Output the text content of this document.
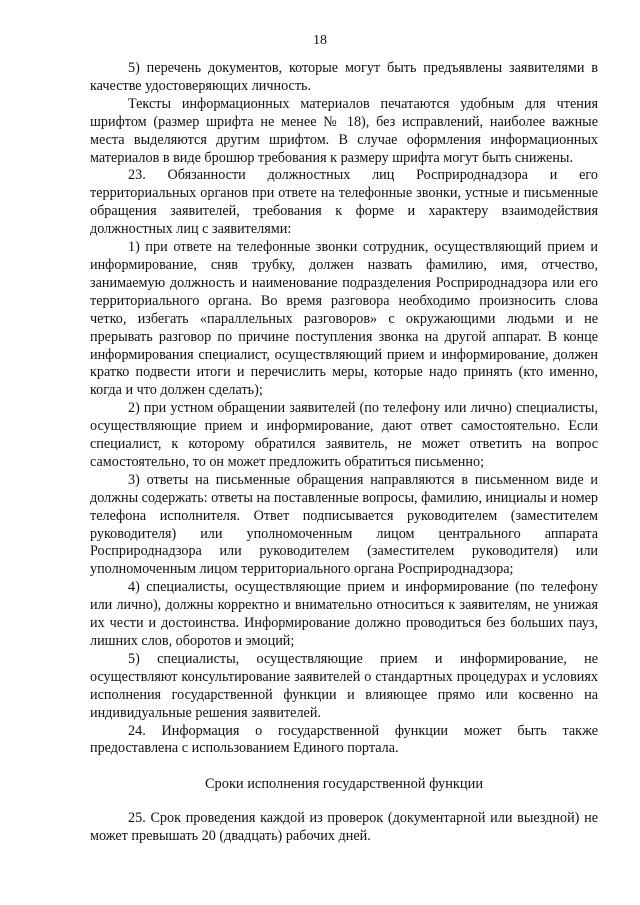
18

5) перечень документов, которые могут быть предъявлены заявителями в качестве удостоверяющих личность.

Тексты информационных материалов печатаются удобным для чтения шрифтом (размер шрифта не менее № 18), без исправлений, наиболее важные места выделяются другим шрифтом. В случае оформления информационных материалов в виде брошюр требования к размеру шрифта могут быть снижены.

23. Обязанности должностных лиц Росприроднадзора и его территориальных органов при ответе на телефонные звонки, устные и письменные обращения заявителей, требования к форме и характеру взаимодействия должностных лиц с заявителями:

1) при ответе на телефонные звонки сотрудник, осуществляющий прием и информирование, сняв трубку, должен назвать фамилию, имя, отчество, занимаемую должность и наименование подразделения Росприроднадзора или его территориального органа. Во время разговора необходимо произносить слова четко, избегать «параллельных разговоров» с окружающими людьми и не прерывать разговор по причине поступления звонка на другой аппарат. В конце информирования специалист, осуществляющий прием и информирование, должен кратко подвести итоги и перечислить меры, которые надо принять (кто именно, когда и что должен сделать);

2) при устном обращении заявителей (по телефону или лично) специалисты, осуществляющие прием и информирование, дают ответ самостоятельно. Если специалист, к которому обратился заявитель, не может ответить на вопрос самостоятельно, то он может предложить обратиться письменно;

3) ответы на письменные обращения направляются в письменном виде и должны содержать: ответы на поставленные вопросы, фамилию, инициалы и номер телефона исполнителя. Ответ подписывается руководителем (заместителем руководителя) или уполномоченным лицом центрального аппарата Росприроднадзора или руководителем (заместителем руководителя) или уполномоченным лицом территориального органа Росприроднадзора;

4) специалисты, осуществляющие прием и информирование (по телефону или лично), должны корректно и внимательно относиться к заявителям, не унижая их чести и достоинства. Информирование должно проводиться без больших пауз, лишних слов, оборотов и эмоций;

5) специалисты, осуществляющие прием и информирование, не осуществляют консультирование заявителей о стандартных процедурах и условиях исполнения государственной функции и влияющее прямо или косвенно на индивидуальные решения заявителей.

24. Информация о государственной функции может быть также предоставлена с использованием Единого портала.

Сроки исполнения государственной функции

25. Срок проведения каждой из проверок (документарной или выездной) не может превышать 20 (двадцать) рабочих дней.
